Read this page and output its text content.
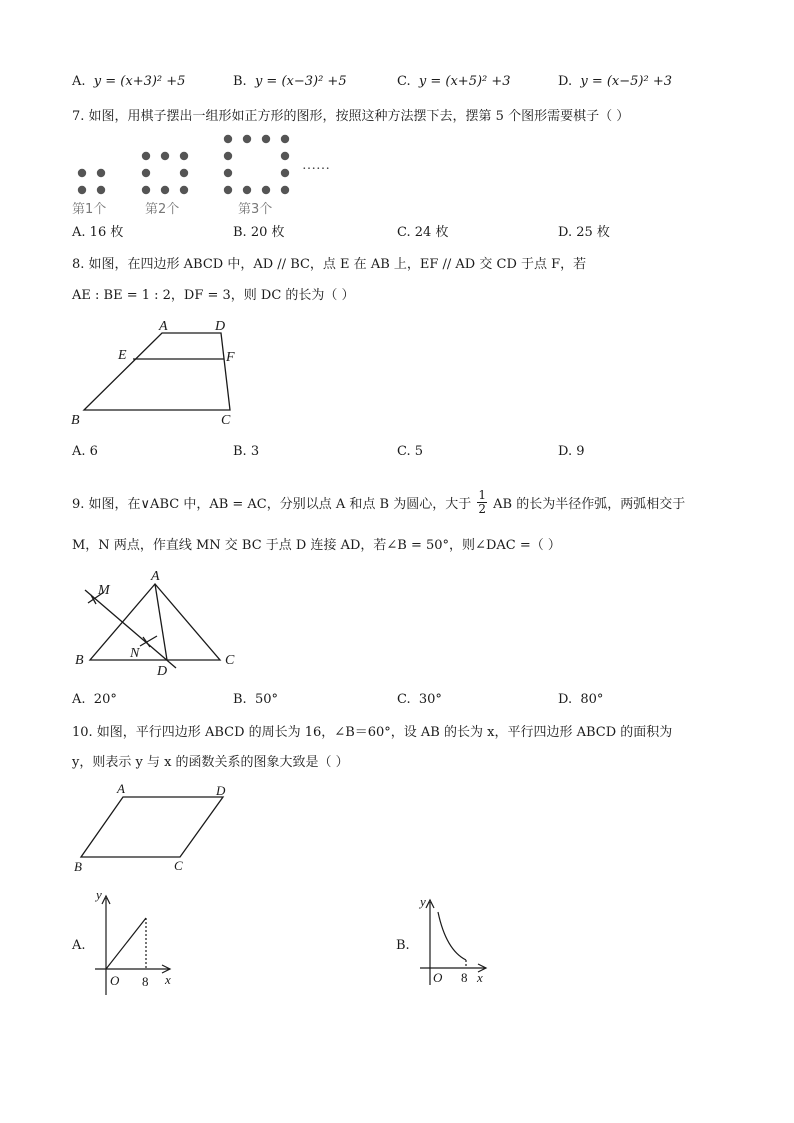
A. y = (x+3)² +5	B. y = (x−3)² +5	C. y = (x+5)² +3	D. y = (x−5)² +3
7. 如图，用棋子摆出一组形如正方形的图形，按照这种方法摆下去，摆第 5 个图形需要棋子（ ）
……
第1个	第2个	第3个
A. 16 枚	B. 20 枚	C. 24 枚	D. 25 枚
8. 如图，在四边形 ABCD 中，AD // BC，点 E 在 AB 上，EF // AD 交 CD 于点 F，若
AE : BE = 1 : 2，DF = 3，则 DC 的长为（ ）
A	D
E	F
B	C
A. 6	B. 3	C. 5	D. 9
9. 如图，在∨ABC 中，AB = AC，分别以点 A 和点 B 为圆心，大于 $\frac{1}{2}$ AB 的长为半径作弧，两弧相交于
M，N 两点，作直线 MN 交 BC 于点 D 连接 AD，若∠B = 50°，则∠DAC =（ ）
A
M
N
B	C
D
A. 20°	B. 50°	C. 30°	D. 80°
10. 如图，平行四边形 ABCD 的周长为 16，∠B＝60°，设 AB 的长为 x，平行四边形 ABCD 的面积为
y，则表示 y 与 x 的函数关系的图象大致是（ ）
A	D
B	C
A.
y
O 8 x
B.
y
O 8 x
